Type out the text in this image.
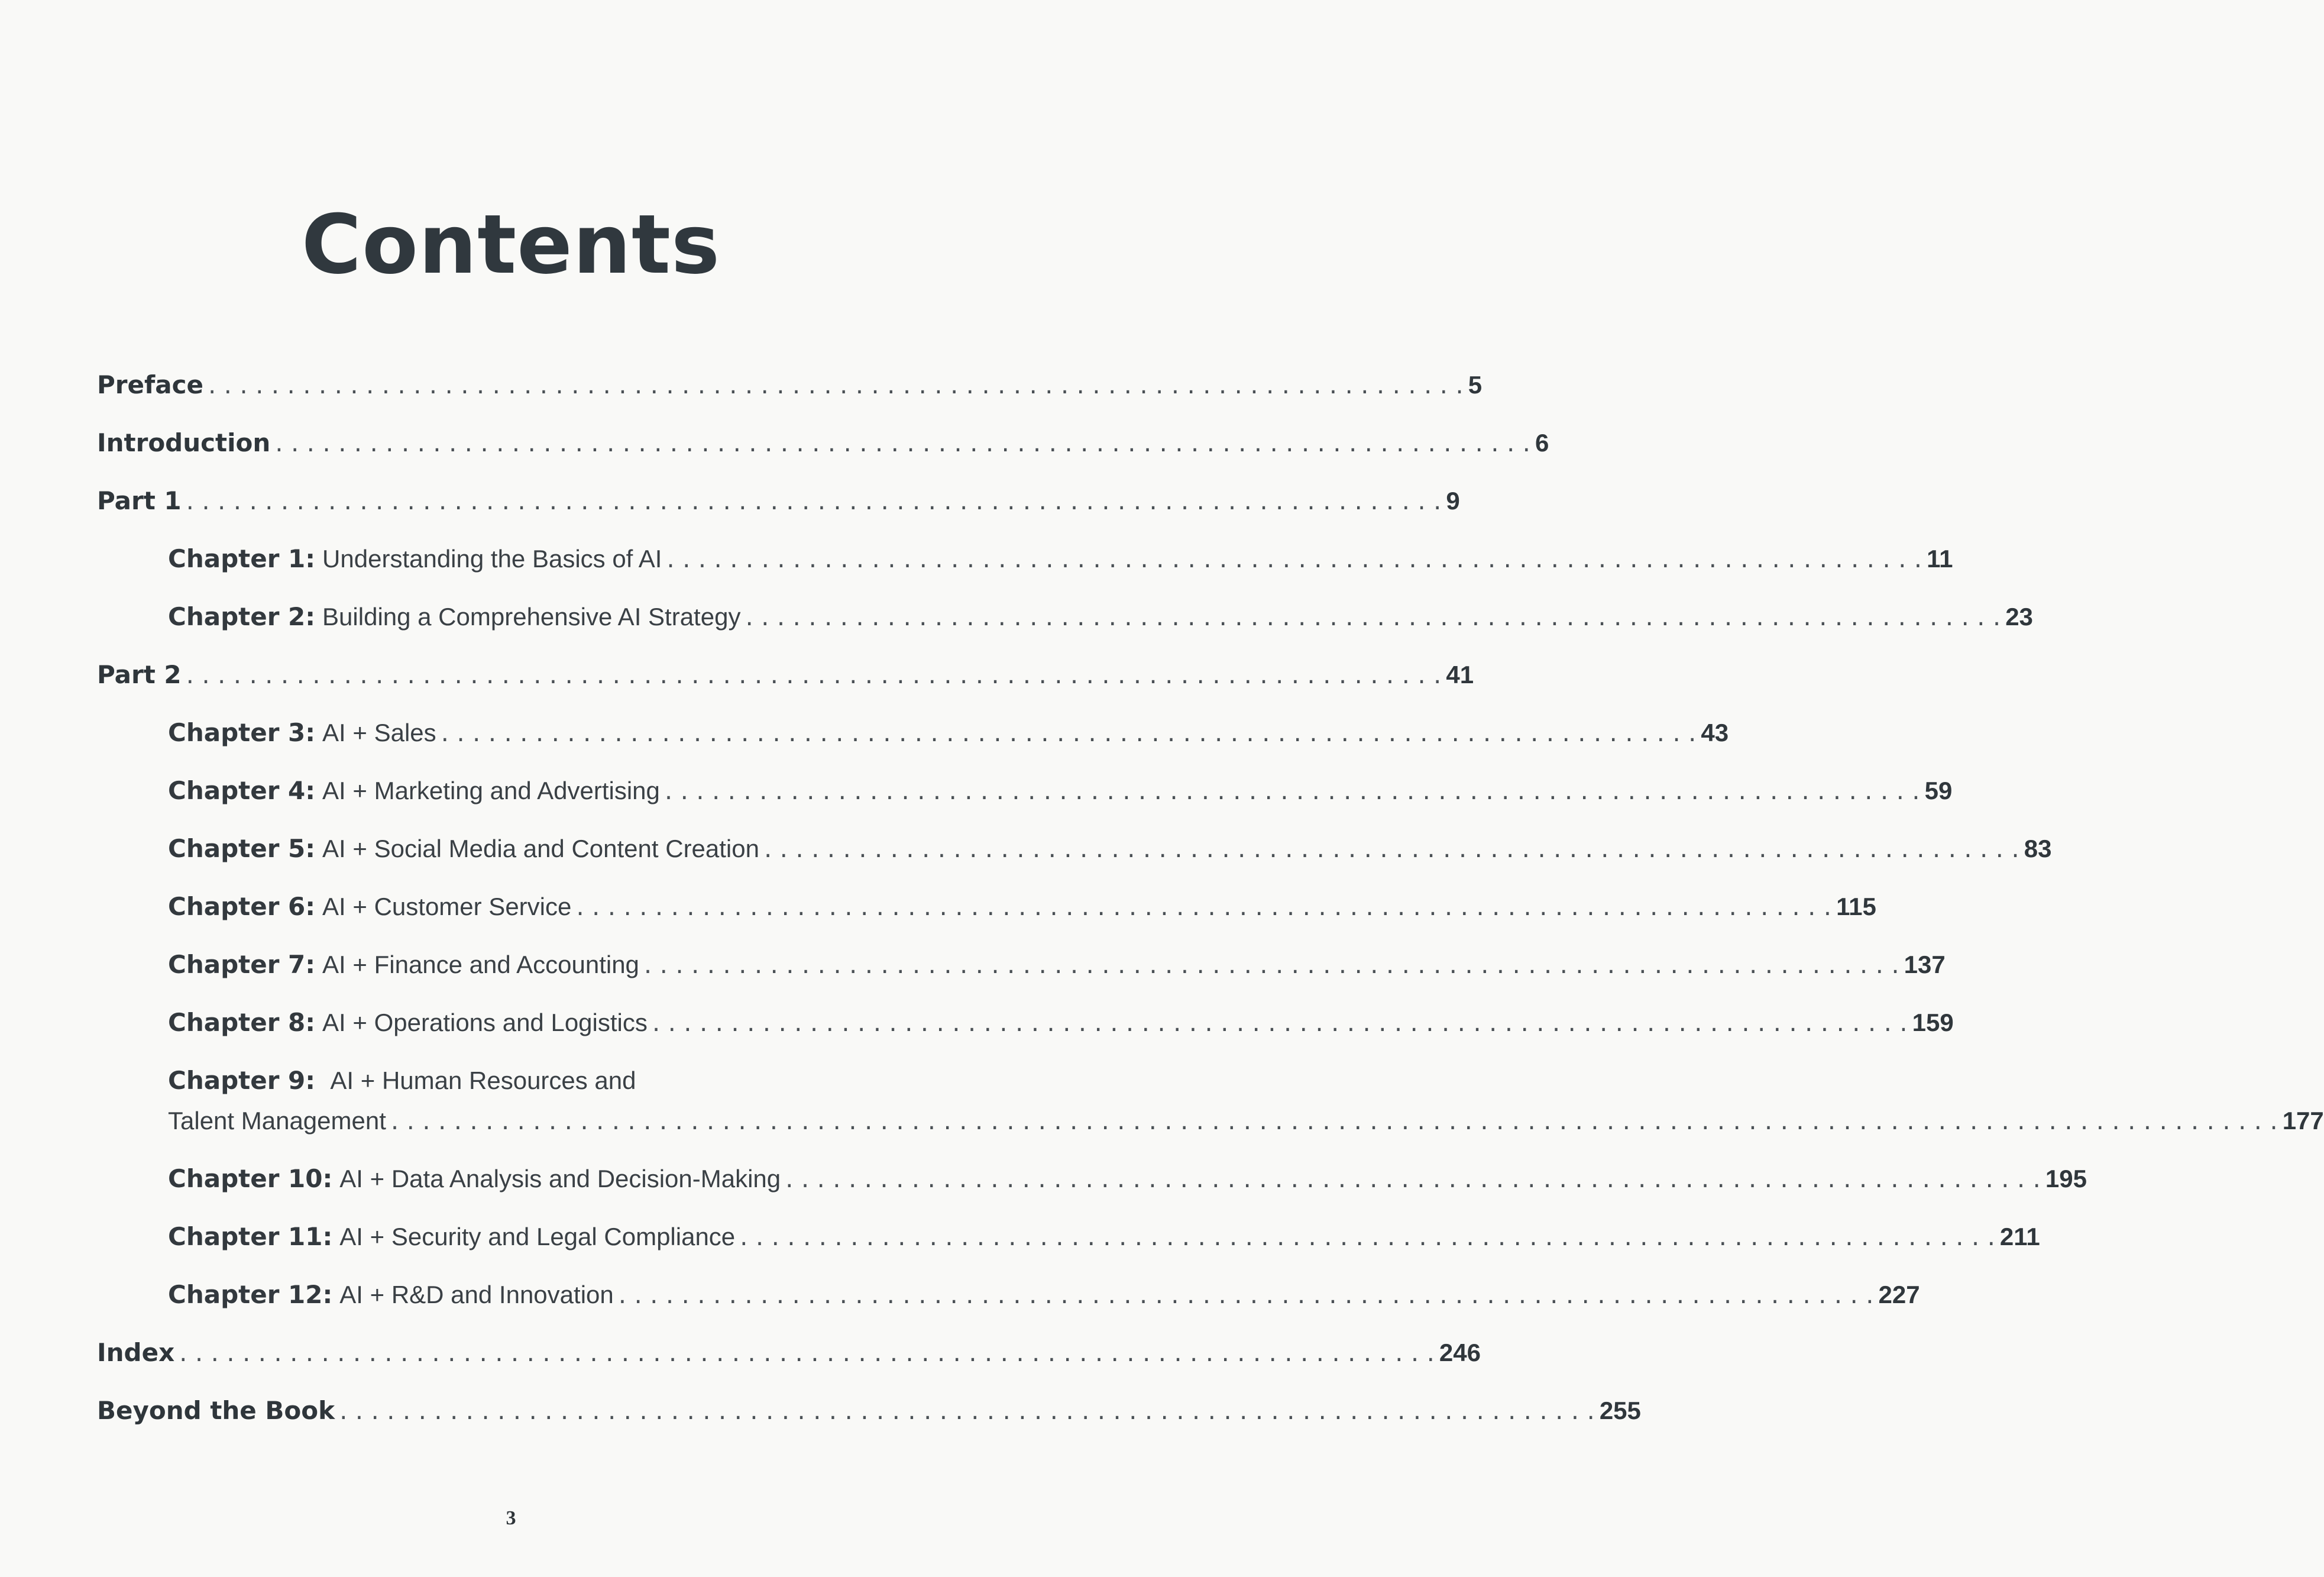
Contents
Preface . . .	5
Introduction . . .	6
Part 1 . . .	9
Chapter 1: Understanding the Basics of AI . . .	11
Chapter 2: Building a Comprehensive AI Strategy . . .	23
Part 2 . . .	41
Chapter 3: AI + Sales . . .	43
Chapter 4: AI + Marketing and Advertising . . .	59
Chapter 5: AI + Social Media and Content Creation . . .	83
Chapter 6: AI + Customer Service . . .	115
Chapter 7: AI + Finance and Accounting . . .	137
Chapter 8: AI + Operations and Logistics . . .	159
Chapter 9: AI + Human Resources and
Talent Management . . . . . . . . . . . . . . . . . . . . . . . . . . . . . . . . . . . . . . . . . . . . . . . . . . . . . . . . . . . . . . . . . . . . . . . . . . . . . . . . . . . . . . . . . . . . . . . . . . . . . . . . . . . . . . . . . . . . . . . . 177
Chapter 10: AI + Data Analysis and Decision-Making . . .	195
Chapter 11: AI + Security and Legal Compliance . . .	211
Chapter 12: AI + R&D and Innovation . . .	227
Index . . .	246
Beyond the Book . . .	255
3
